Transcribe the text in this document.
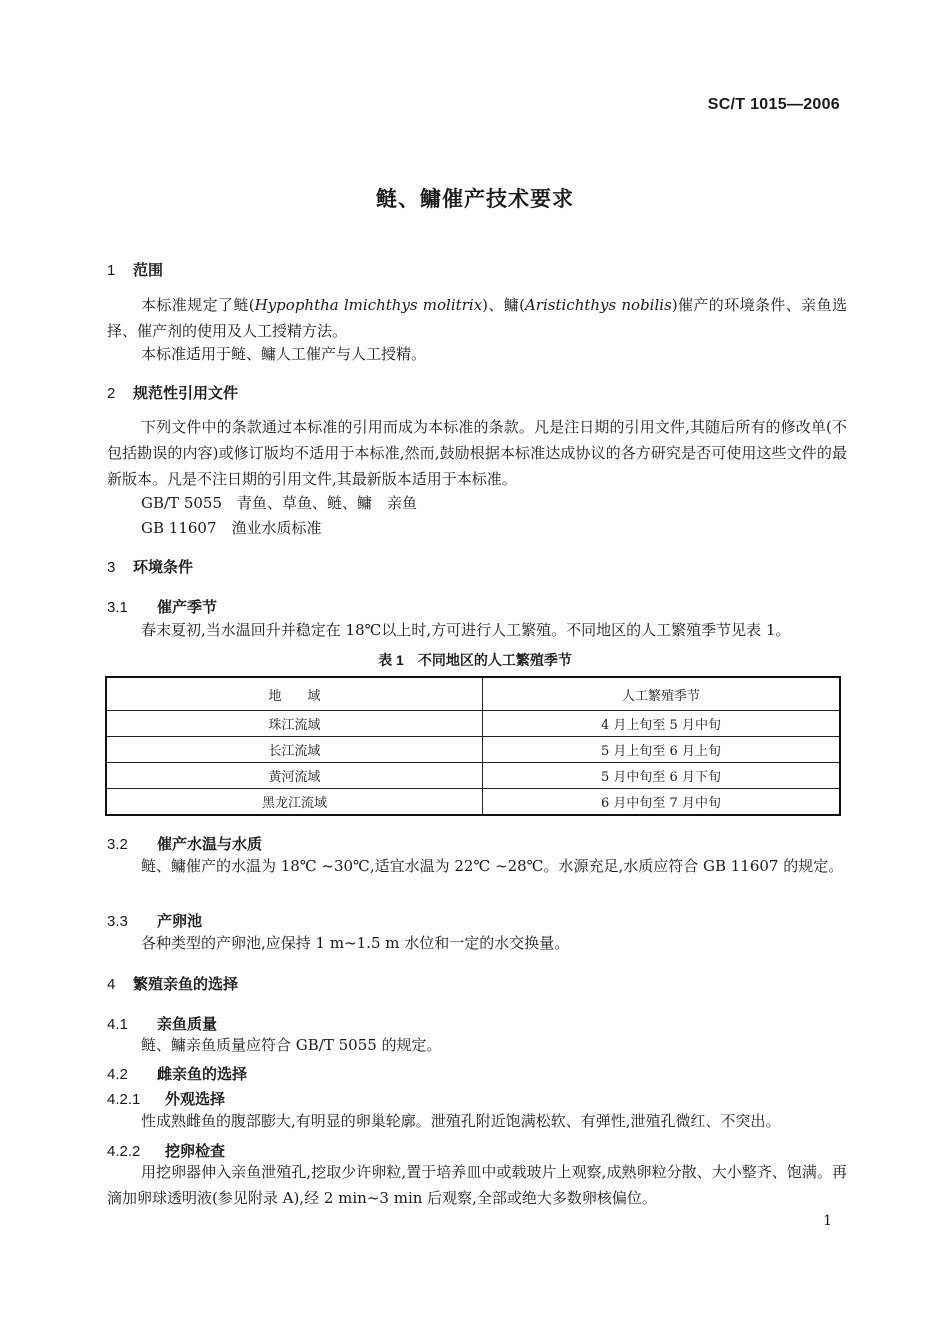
SC/T 1015—2006
鲢、鳙催产技术要求
1 范围
本标准规定了鲢(Hypophtha lmichthys molitrix)、鳙(Aristichthys nobilis)催产的环境条件、亲鱼选择、催产剂的使用及人工授精方法。
本标准适用于鲢、鳙人工催产与人工授精。
2 规范性引用文件
下列文件中的条款通过本标准的引用而成为本标准的条款。凡是注日期的引用文件,其随后所有的修改单(不包括勘误的内容)或修订版均不适用于本标准,然而,鼓励根据本标准达成协议的各方研究是否可使用这些文件的最新版本。凡是不注日期的引用文件,其最新版本适用于本标准。
GB/T 5055　青鱼、草鱼、鲢、鳙　亲鱼
GB 11607　渔业水质标准
3 环境条件
3.1 催产季节
春末夏初,当水温回升并稳定在 18℃以上时,方可进行人工繁殖。不同地区的人工繁殖季节见表 1。
表 1　不同地区的人工繁殖季节
地　　域	人工繁殖季节
珠江流域	4 月上旬至 5 月中旬
长江流域	5 月上旬至 6 月上旬
黄河流域	5 月中旬至 6 月下旬
黑龙江流域	6 月中旬至 7 月中旬
3.2 催产水温与水质
鲢、鳙催产的水温为 18℃ ~30℃,适宜水温为 22℃ ~28℃。水源充足,水质应符合 GB 11607 的规定。
3.3 产卵池
各种类型的产卵池,应保持 1 m~1.5 m 水位和一定的水交换量。
4 繁殖亲鱼的选择
4.1 亲鱼质量
鲢、鳙亲鱼质量应符合 GB/T 5055 的规定。
4.2 雌亲鱼的选择
4.2.1 外观选择
性成熟雌鱼的腹部膨大,有明显的卵巢轮廓。泄殖孔附近饱满松软、有弹性,泄殖孔微红、不突出。
4.2.2 挖卵检查
用挖卵器伸入亲鱼泄殖孔,挖取少许卵粒,置于培养皿中或载玻片上观察,成熟卵粒分散、大小整齐、饱满。再滴加卵球透明液(参见附录 A),经 2 min~3 min 后观察,全部或绝大多数卵核偏位。
1
